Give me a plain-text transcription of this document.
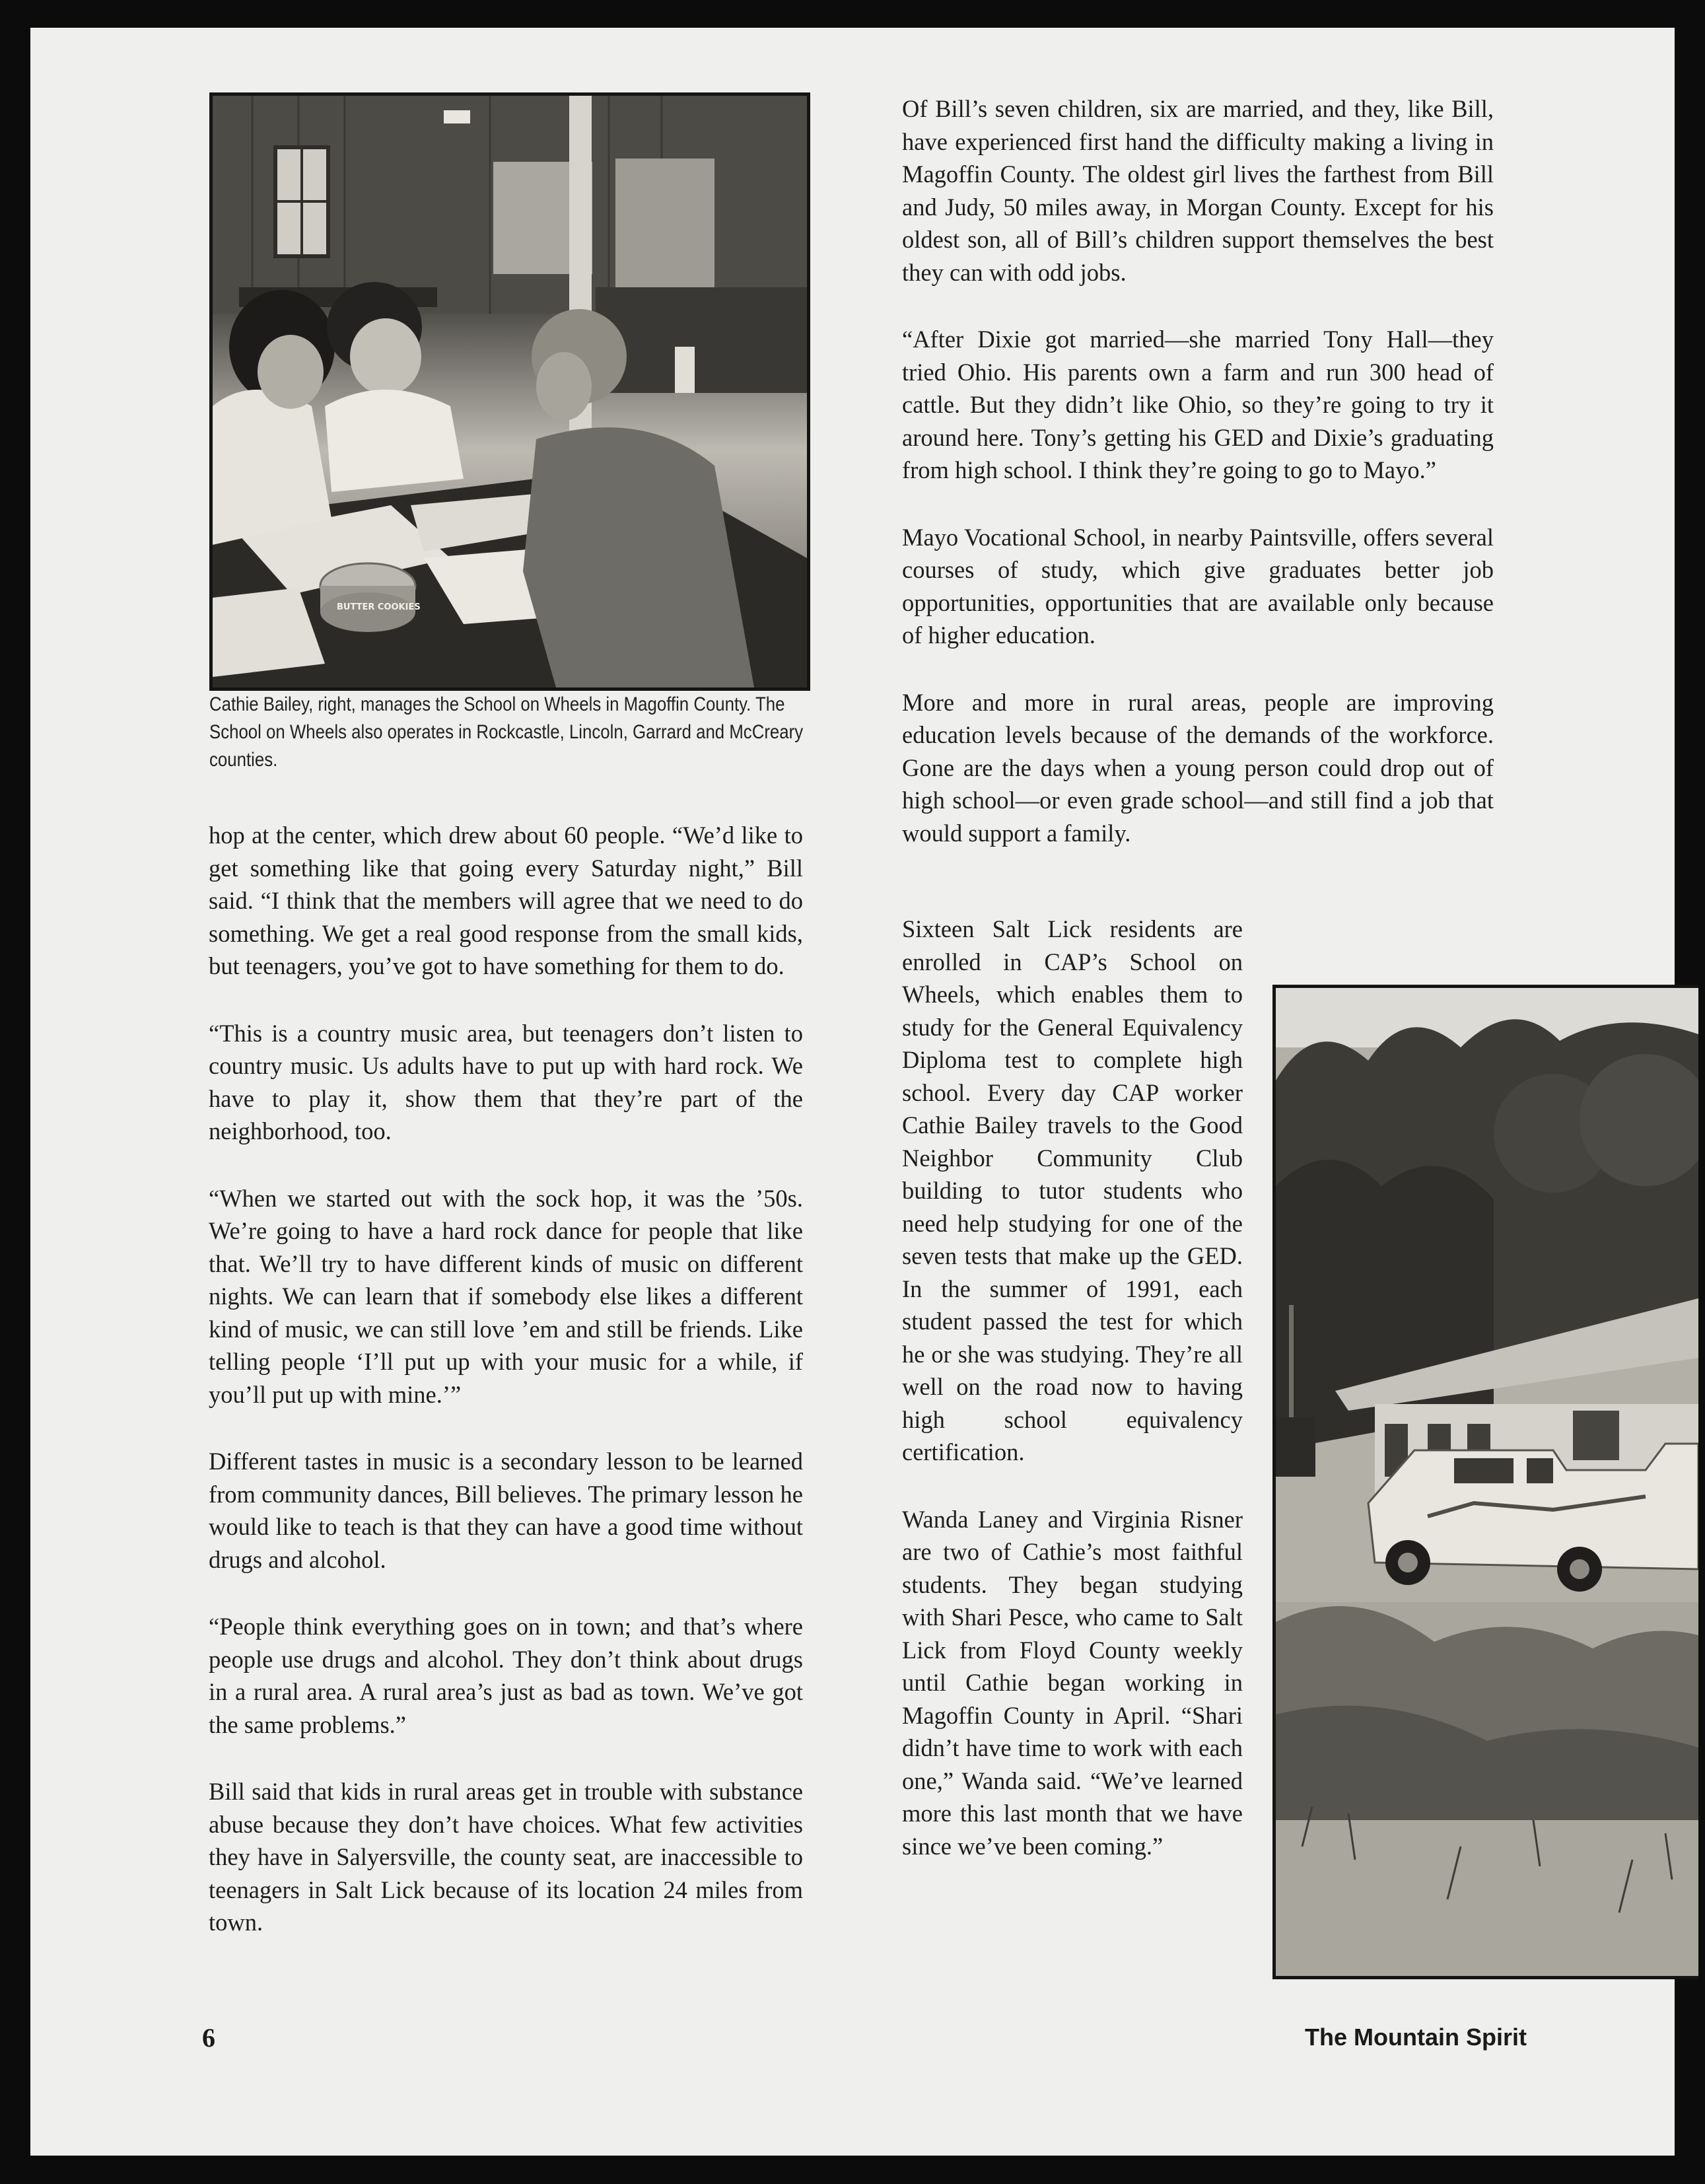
BUTTER COOKIES
Cathie Bailey, right, manages the School on Wheels in Magoffin County. The School on Wheels also operates in Rockcastle, Lincoln, Garrard and McCreary counties.

hop at the center, which drew about 60 people. “We’d like to get something like that going every Saturday night,” Bill said. “I think that the members will agree that we need to do something. We get a real good response from the small kids, but teenagers, you’ve got to have something for them to do.

“This is a country music area, but teenagers don’t listen to country music. Us adults have to put up with hard rock. We have to play it, show them that they’re part of the neighborhood, too.

“When we started out with the sock hop, it was the ’50s. We’re going to have a hard rock dance for people that like that. We’ll try to have different kinds of music on different nights. We can learn that if somebody else likes a different kind of music, we can still love ’em and still be friends. Like telling people ‘I’ll put up with your music for a while, if you’ll put up with mine.’”

Different tastes in music is a secondary lesson to be learned from community dances, Bill believes. The primary lesson he would like to teach is that they can have a good time without drugs and alcohol.

“People think everything goes on in town; and that’s where people use drugs and alcohol. They don’t think about drugs in a rural area. A rural area’s just as bad as town. We’ve got the same problems.”

Bill said that kids in rural areas get in trouble with substance abuse because they don’t have choices. What few activities they have in Salyersville, the county seat, are inaccessible to teenagers in Salt Lick because of its location 24 miles from town.

Of Bill’s seven children, six are married, and they, like Bill, have experienced first hand the difficulty making a living in Magoffin County. The oldest girl lives the farthest from Bill and Judy, 50 miles away, in Morgan County. Except for his oldest son, all of Bill’s children support themselves the best they can with odd jobs.

“After Dixie got married—she married Tony Hall—they tried Ohio. His parents own a farm and run 300 head of cattle. But they didn’t like Ohio, so they’re going to try it around here. Tony’s getting his GED and Dixie’s graduating from high school. I think they’re going to go to Mayo.”

Mayo Vocational School, in nearby Paintsville, offers several courses of study, which give graduates better job opportunities, opportunities that are available only because of higher education.

More and more in rural areas, people are improving education levels because of the demands of the workforce. Gone are the days when a young person could drop out of high school—or even grade school—and still find a job that would support a family.

Sixteen Salt Lick residents are enrolled in CAP’s School on Wheels, which enables them to study for the General Equivalency Diploma test to complete high school. Every day CAP worker Cathie Bailey travels to the Good Neighbor Community Club building to tutor students who need help studying for one of the seven tests that make up the GED. In the summer of 1991, each student passed the test for which he or she was studying. They’re all well on the road now to having high school equivalency certification.

Wanda Laney and Virginia Risner are two of Cathie’s most faithful students. They began studying with Shari Pesce, who came to Salt Lick from Floyd County weekly until Cathie began working in Magoffin County in April. “Shari didn’t have time to work with each one,” Wanda said. “We’ve learned more this last month that we have since we’ve been coming.”

6	The Mountain Spirit
